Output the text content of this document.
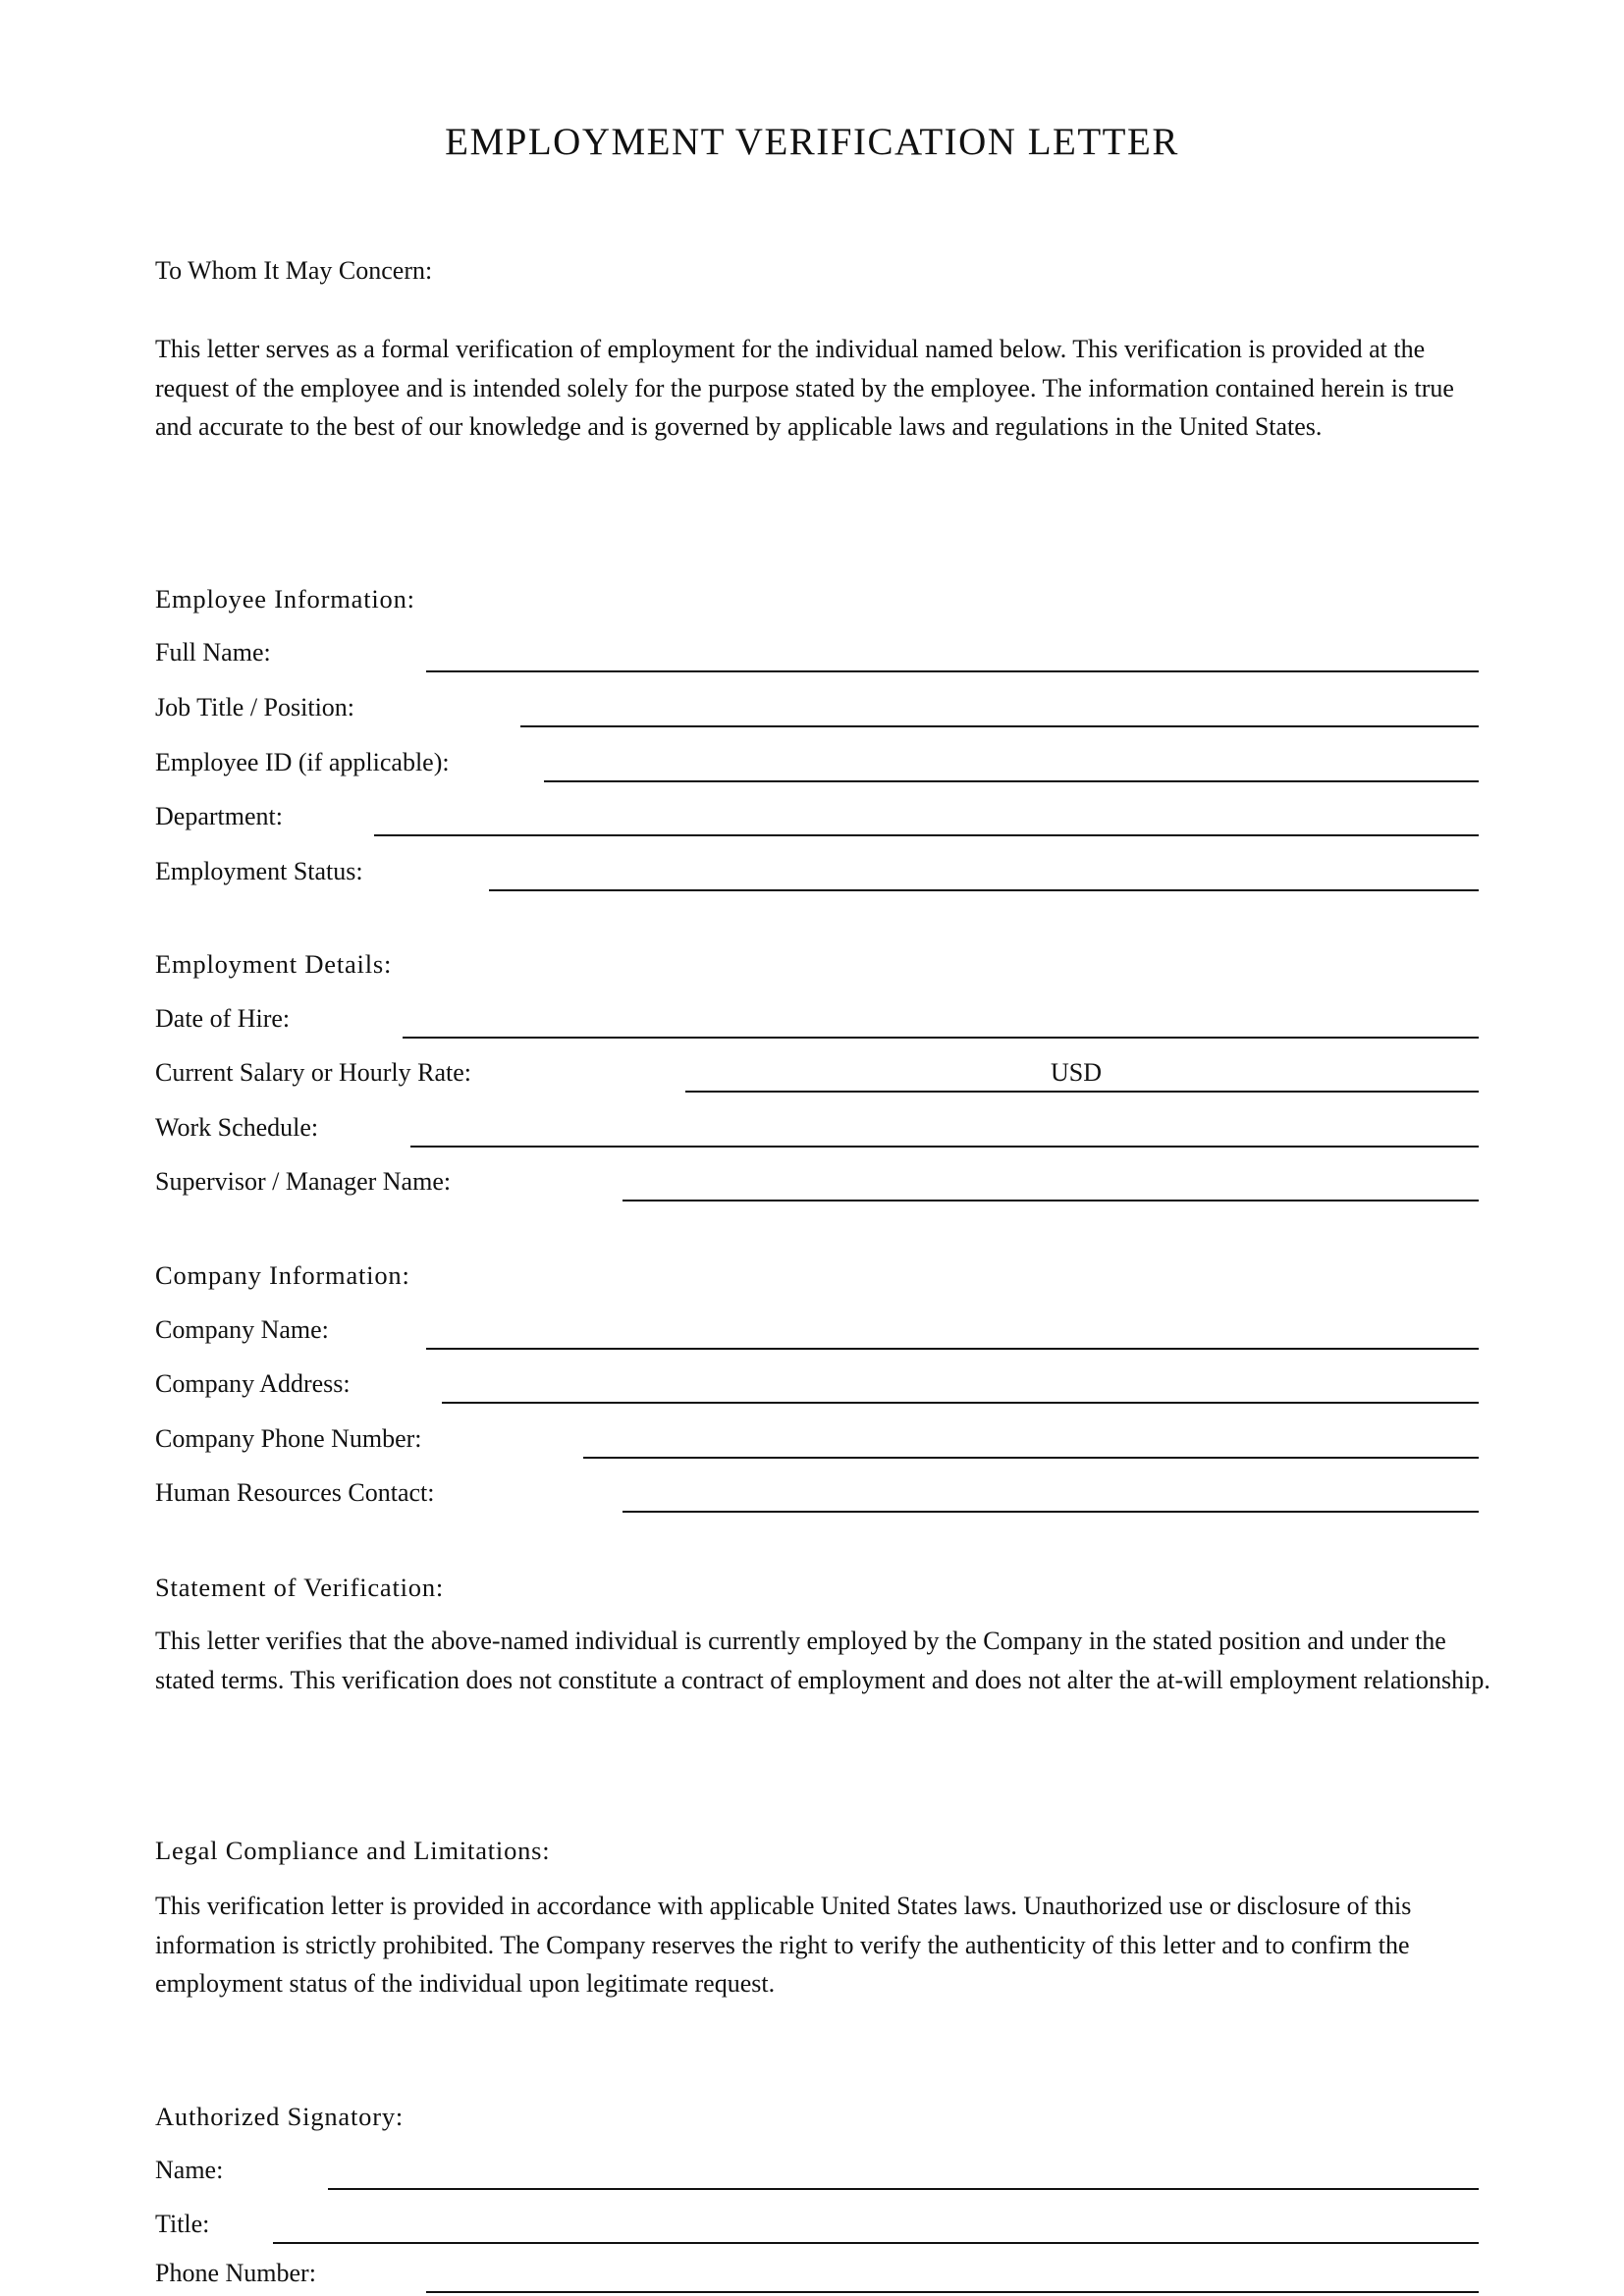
EMPLOYMENT VERIFICATION LETTER

To Whom It May Concern:

This letter serves as a formal verification of employment for the individual named below. This verification is provided at the request of the employee and is intended solely for the purpose stated by the employee. The information contained herein is true and accurate to the best of our knowledge and is governed by applicable laws and regulations in the United States.

Employee Information:

Full Name:
Job Title / Position:
Employee ID (if applicable):
Department:
Employment Status:

Employment Details:

Date of Hire:
Current Salary or Hourly Rate:	USD
Work Schedule:
Supervisor / Manager Name:

Company Information:

Company Name:
Company Address:
Company Phone Number:
Human Resources Contact:

Statement of Verification:

This letter verifies that the above-named individual is currently employed by the Company in the stated position and under the stated terms. This verification does not constitute a contract of employment and does not alter the at-will employment relationship.

Legal Compliance and Limitations:

This verification letter is provided in accordance with applicable United States laws. Unauthorized use or disclosure of this information is strictly prohibited. The Company reserves the right to verify the authenticity of this letter and to confirm the employment status of the individual upon legitimate request.

Authorized Signatory:

Name:
Title:
Phone Number:
